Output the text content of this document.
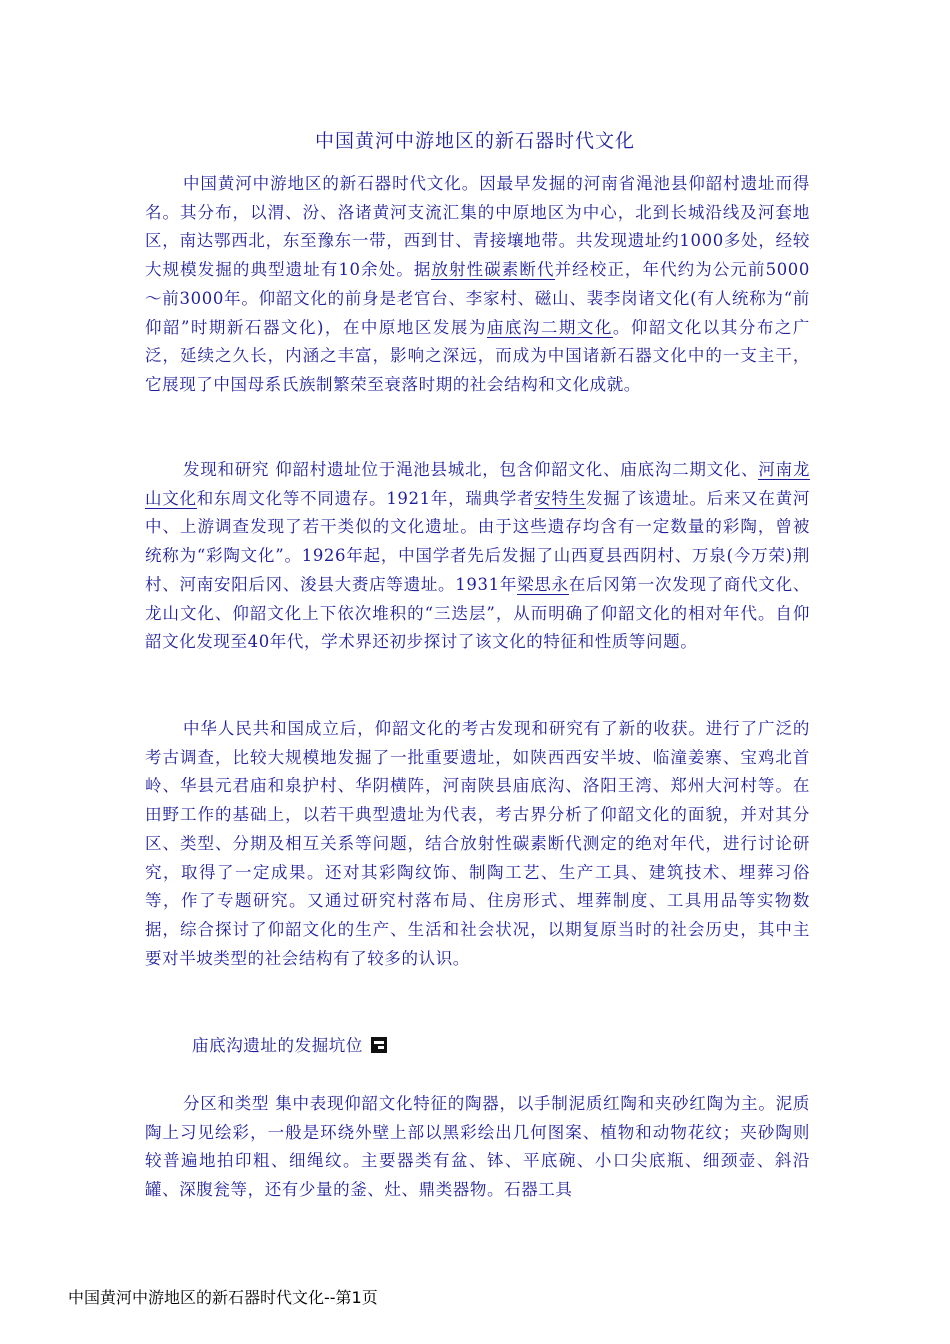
中国黄河中游地区的新石器时代文化
中国黄河中游地区的新石器时代文化。因最早发掘的河南省渑池县仰韶村遗址而得名。其分布，以渭、汾、洛诸黄河支流汇集的中原地区为中心，北到长城沿线及河套地区，南达鄂西北，东至豫东一带，西到甘、青接壤地带。共发现遗址约1000多处，经较大规模发掘的典型遗址有10余处。据放射性碳素断代并经校正，年代约为公元前5000～前3000年。仰韶文化的前身是老官台、李家村、磁山、裴李岗诸文化(有人统称为“前仰韶”时期新石器文化)，在中原地区发展为庙底沟二期文化。仰韶文化以其分布之广泛，延续之久长，内涵之丰富，影响之深远，而成为中国诸新石器文化中的一支主干，它展现了中国母系氏族制繁荣至衰落时期的社会结构和文化成就。
发现和研究 仰韶村遗址位于渑池县城北，包含仰韶文化、庙底沟二期文化、河南龙山文化和东周文化等不同遗存。1921年，瑞典学者安特生发掘了该遗址。后来又在黄河中、上游调查发现了若干类似的文化遗址。由于这些遗存均含有一定数量的彩陶，曾被统称为“彩陶文化”。1926年起，中国学者先后发掘了山西夏县西阴村、万泉(今万荣)荆村、河南安阳后冈、浚县大赉店等遗址。1931年梁思永在后冈第一次发现了商代文化、龙山文化、仰韶文化上下依次堆积的“三迭层”，从而明确了仰韶文化的相对年代。自仰韶文化发现至40年代，学术界还初步探讨了该文化的特征和性质等问题。
中华人民共和国成立后，仰韶文化的考古发现和研究有了新的收获。进行了广泛的考古调查，比较大规模地发掘了一批重要遗址，如陕西西安半坡、临潼姜寨、宝鸡北首岭、华县元君庙和泉护村、华阴横阵，河南陕县庙底沟、洛阳王湾、郑州大河村等。在田野工作的基础上，以若干典型遗址为代表，考古界分析了仰韶文化的面貌，并对其分区、类型、分期及相互关系等问题，结合放射性碳素断代测定的绝对年代，进行讨论研究，取得了一定成果。还对其彩陶纹饰、制陶工艺、生产工具、建筑技术、埋葬习俗等，作了专题研究。又通过研究村落布局、住房形式、埋葬制度、工具用品等实物数据，综合探讨了仰韶文化的生产、生活和社会状况，以期复原当时的社会历史，其中主要对半坡类型的社会结构有了较多的认识。
庙底沟遗址的发掘坑位
分区和类型 集中表现仰韶文化特征的陶器，以手制泥质红陶和夹砂红陶为主。泥质陶上习见绘彩，一般是环绕外壁上部以黑彩绘出几何图案、植物和动物花纹；夹砂陶则较普遍地拍印粗、细绳纹。主要器类有盆、钵、平底碗、小口尖底瓶、细颈壶、斜沿罐、深腹瓮等，还有少量的釜、灶、鼎类器物。石器工具
中国黄河中游地区的新石器时代文化--第1页
